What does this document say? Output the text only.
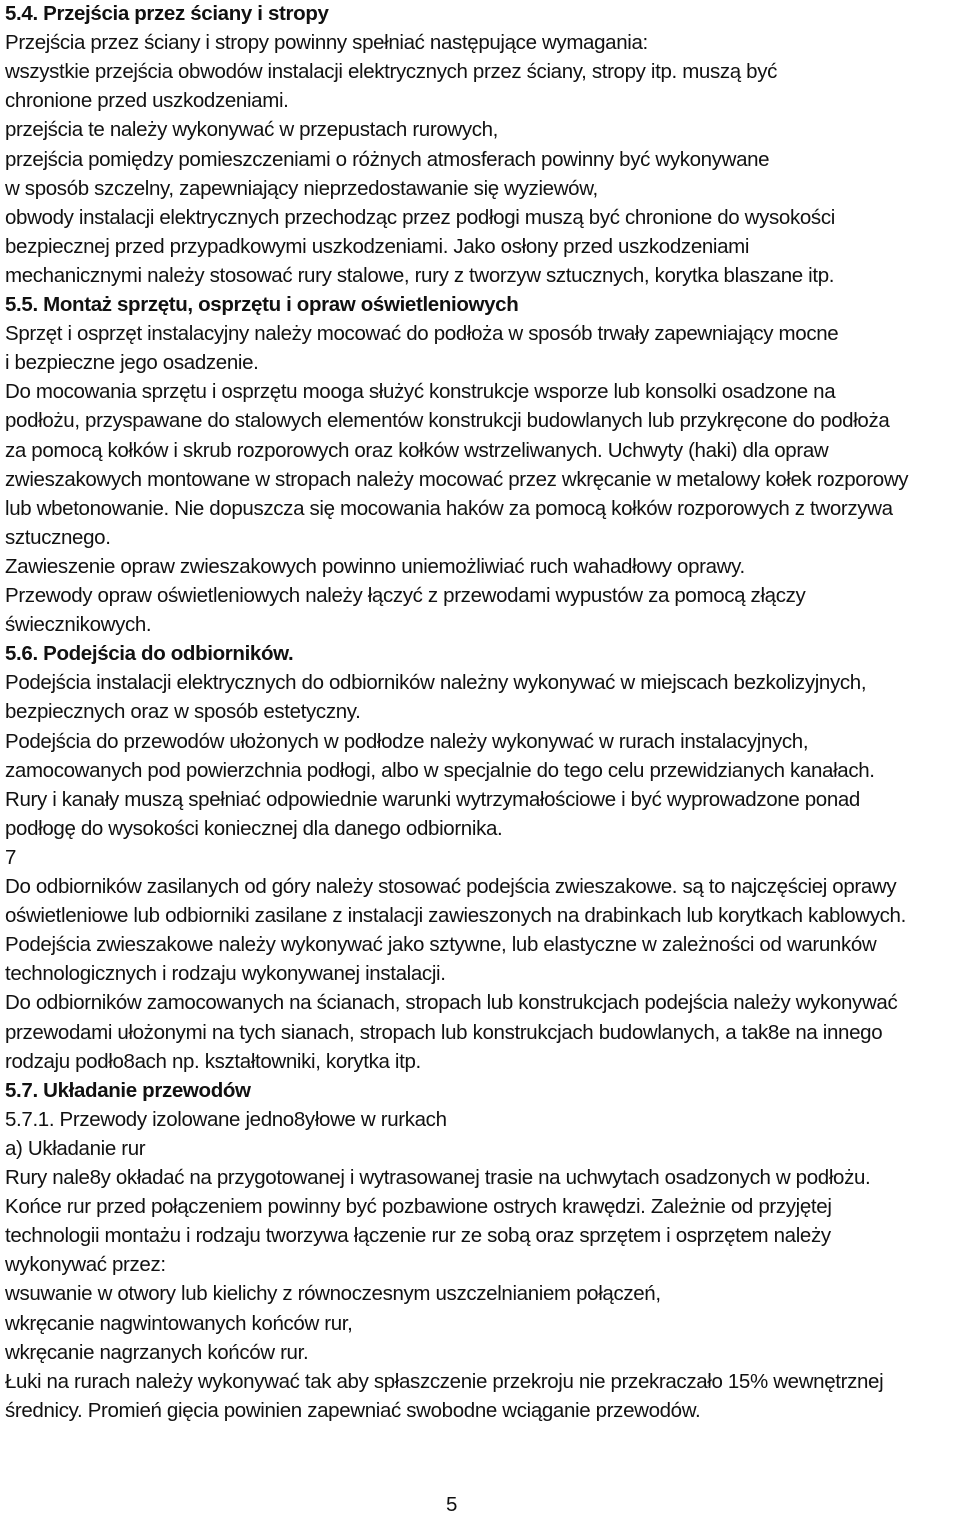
5.4. Przejścia przez ściany i stropy
Przejścia przez ściany i stropy powinny spełniać następujące wymagania:
wszystkie przejścia obwodów instalacji elektrycznych przez ściany, stropy itp. muszą być
chronione przed uszkodzeniami.
przejścia te należy wykonywać w przepustach rurowych,
przejścia pomiędzy pomieszczeniami o różnych atmosferach powinny być wykonywane
w sposób szczelny, zapewniający nieprzedostawanie się wyziewów,
obwody instalacji elektrycznych przechodząc przez podłogi muszą być chronione do wysokości
bezpiecznej przed przypadkowymi uszkodzeniami. Jako osłony przed uszkodzeniami
mechanicznymi należy stosować rury stalowe, rury z tworzyw sztucznych, korytka blaszane itp.
5.5. Montaż sprzętu, osprzętu i opraw oświetleniowych
Sprzęt i osprzęt instalacyjny należy mocować do podłoża w sposób trwały zapewniający mocne
i bezpieczne jego osadzenie.
Do mocowania sprzętu i osprzętu mooga służyć konstrukcje wsporze lub konsolki osadzone na
podłożu, przyspawane do stalowych elementów konstrukcji budowlanych lub przykręcone do podłoża
za pomocą kołków i skrub rozporowych oraz kołków wstrzeliwanych. Uchwyty (haki) dla opraw
zwieszakowych montowane w stropach należy mocować przez wkręcanie w metalowy kołek rozporowy
lub wbetonowanie. Nie dopuszcza się mocowania haków za pomocą kołków rozporowych z tworzywa
sztucznego.
Zawieszenie opraw zwieszakowych powinno uniemożliwiać ruch wahadłowy oprawy.
Przewody opraw oświetleniowych należy łączyć z przewodami wypustów za pomocą złączy
świecznikowych.
5.6. Podejścia do odbiorników.
Podejścia instalacji elektrycznych do odbiorników należny wykonywać w miejscach bezkolizyjnych,
bezpiecznych oraz w sposób estetyczny.
Podejścia do przewodów ułożonych w podłodze należy wykonywać w rurach instalacyjnych,
zamocowanych pod powierzchnia podłogi, albo w specjalnie do tego celu przewidzianych kanałach.
Rury i kanały muszą spełniać odpowiednie warunki wytrzymałościowe i być wyprowadzone ponad
podłogę do wysokości koniecznej dla danego odbiornika.
7
Do odbiorników zasilanych od góry należy stosować podejścia zwieszakowe. są to najczęściej oprawy
oświetleniowe lub odbiorniki zasilane z instalacji zawieszonych na drabinkach lub korytkach kablowych.
Podejścia zwieszakowe należy wykonywać jako sztywne, lub elastyczne w zależności od warunków
technologicznych i rodzaju wykonywanej instalacji.
Do odbiorników zamocowanych na ścianach, stropach lub konstrukcjach podejścia należy wykonywać
przewodami ułożonymi na tych sianach, stropach lub konstrukcjach budowlanych, a tak8e na innego
rodzaju podło8ach np. kształtowniki, korytka itp.
5.7. Układanie przewodów
5.7.1. Przewody izolowane jedno8yłowe w rurkach
a) Układanie rur
Rury nale8y okładać na przygotowanej i wytrasowanej trasie na uchwytach osadzonych w podłożu.
Końce rur przed połączeniem powinny być pozbawione ostrych krawędzi. Zależnie od przyjętej
technologii montażu i rodzaju tworzywa łączenie rur ze sobą oraz sprzętem i osprzętem należy
wykonywać przez:
wsuwanie w otwory lub kielichy z równoczesnym uszczelnianiem połączeń,
wkręcanie nagwintowanych końców rur,
wkręcanie nagrzanych końców rur.
Łuki na rurach należy wykonywać tak aby spłaszczenie przekroju nie przekraczało 15% wewnętrznej
średnicy. Promień gięcia powinien zapewniać swobodne wciąganie przewodów.
5
